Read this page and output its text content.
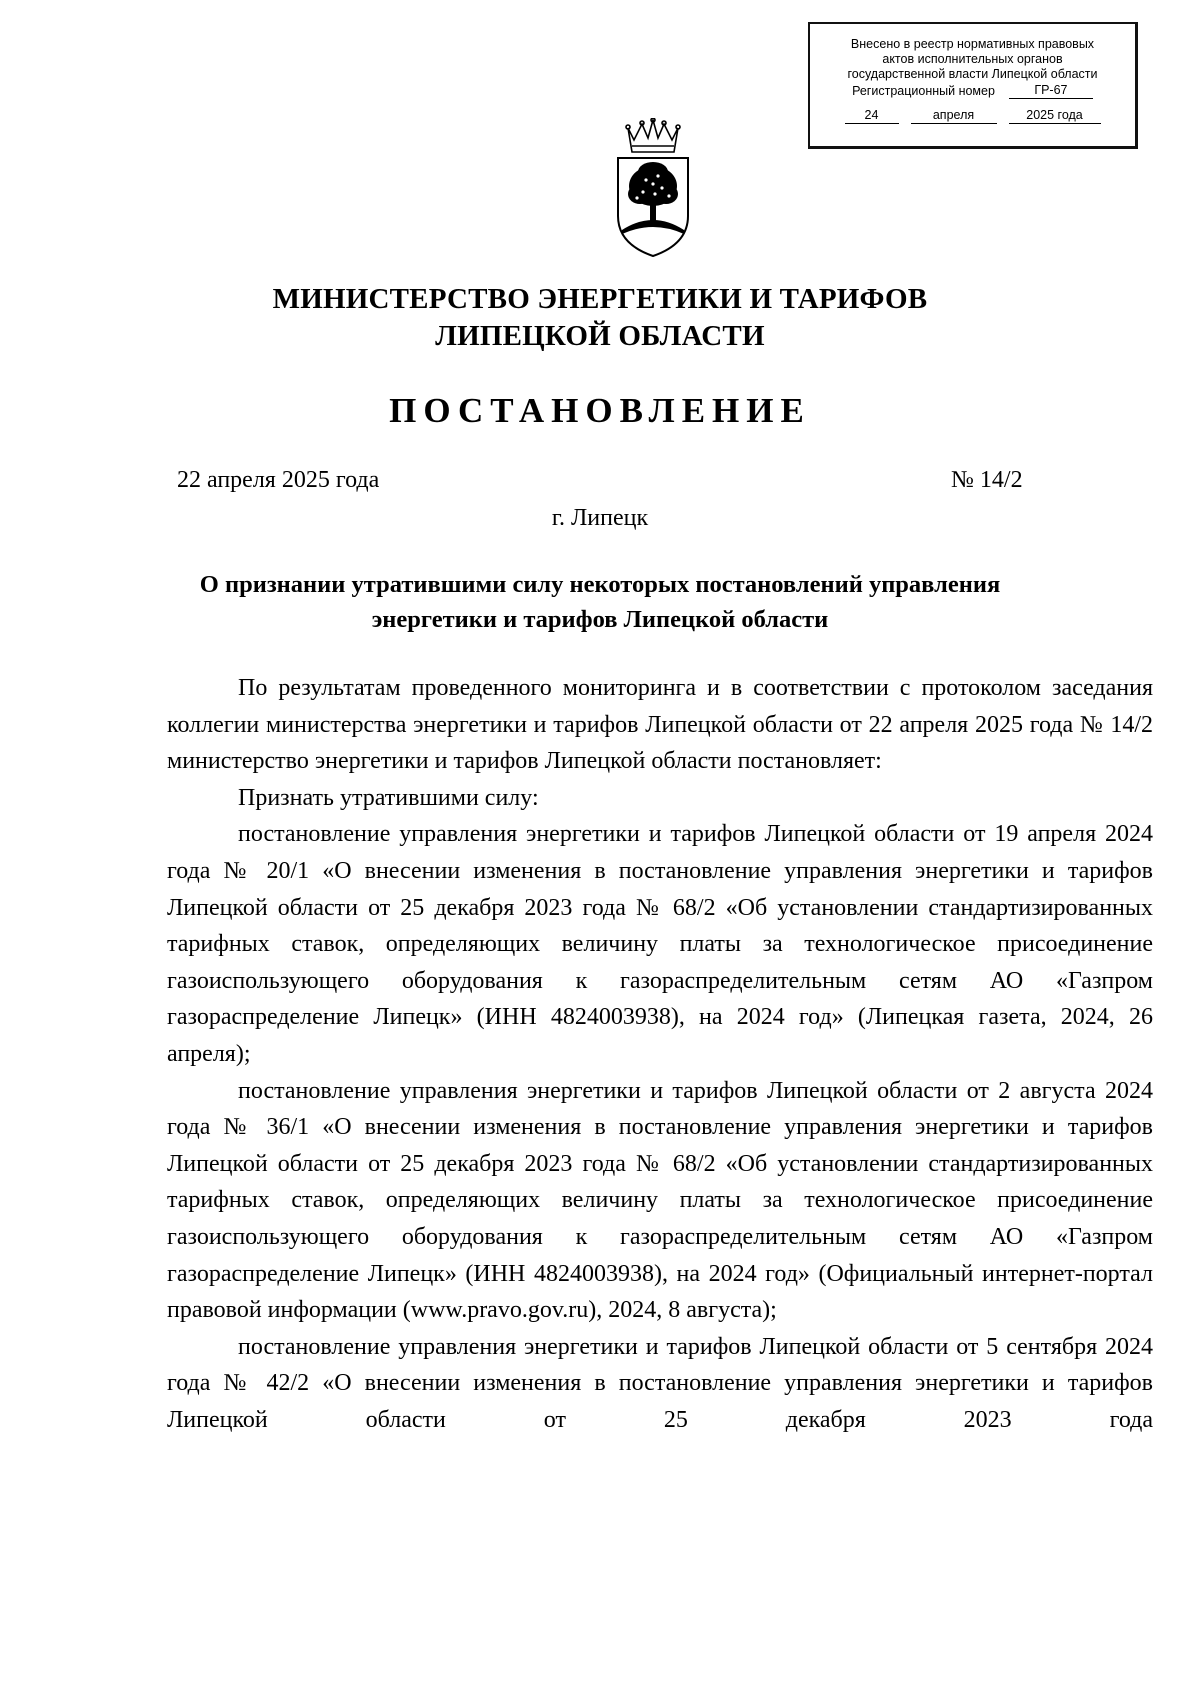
Внесено в реестр нормативных правовых
актов исполнительных органов
государственной власти Липецкой области
Регистрационный номер	ГР-67
24	апреля	2025 года
МИНИСТЕРСТВО ЭНЕРГЕТИКИ И ТАРИФОВ
ЛИПЕЦКОЙ ОБЛАСТИ
ПОСТАНОВЛЕНИЕ
22 апреля 2025 года	№ 14/2
г. Липецк
О признании утратившими силу некоторых постановлений управления
энергетики и тарифов Липецкой области

По результатам проведенного мониторинга и в соответствии с протоколом заседания коллегии министерства энергетики и тарифов Липецкой области от 22 апреля 2025 года № 14/2 министерство энергетики и тарифов Липецкой области постановляет:

Признать утратившими силу:

постановление управления энергетики и тарифов Липецкой области от 19 апреля 2024 года № 20/1 «О внесении изменения в постановление управления энергетики и тарифов Липецкой области от 25 декабря 2023 года № 68/2 «Об установлении стандартизированных тарифных ставок, определяющих величину платы за технологическое присоединение газоиспользующего оборудования к газораспределительным сетям АО «Газпром газораспределение Липецк» (ИНН 4824003938), на 2024 год» (Липецкая газета, 2024, 26 апреля);

постановление управления энергетики и тарифов Липецкой области от 2 августа 2024 года № 36/1 «О внесении изменения в постановление управления энергетики и тарифов Липецкой области от 25 декабря 2023 года № 68/2 «Об установлении стандартизированных тарифных ставок, определяющих величину платы за технологическое присоединение газоиспользующего оборудования к газораспределительным сетям АО «Газпром газораспределение Липецк» (ИНН 4824003938), на 2024 год» (Официальный интернет-портал правовой информации (www.pravo.gov.ru), 2024, 8 августа);

постановление управления энергетики и тарифов Липецкой области от 5 сентября 2024 года № 42/2 «О внесении изменения в постановление управления энергетики и тарифов Липецкой области от 25 декабря 2023 года
